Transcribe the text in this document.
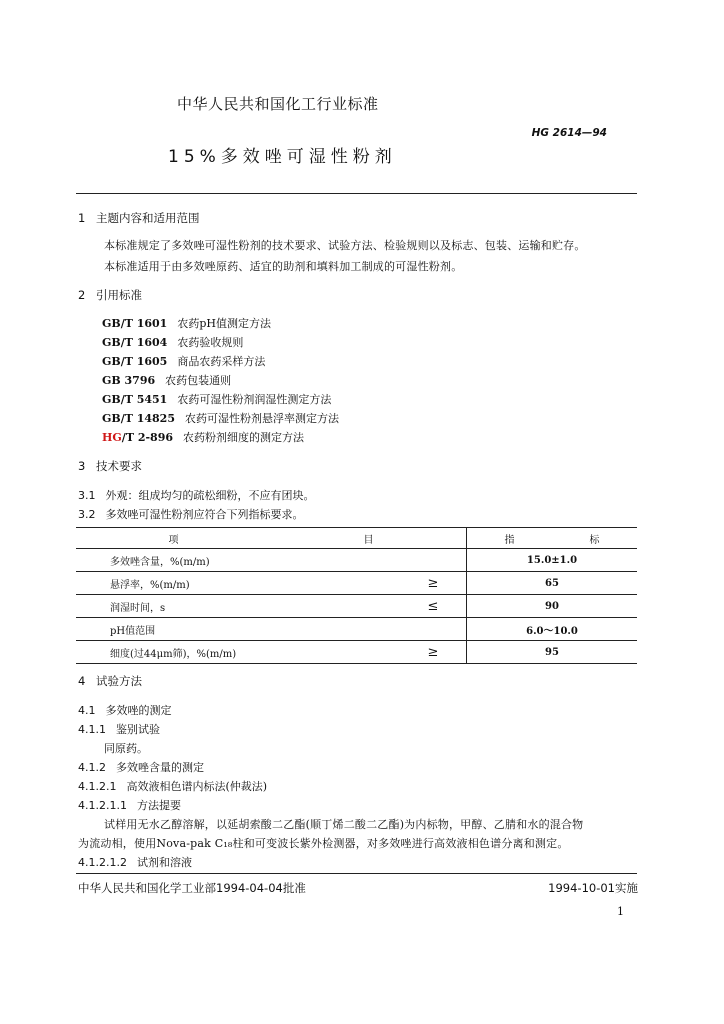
中华人民共和国化工行业标准
HG 2614—94
15%多效唑可湿性粉剂
1 主题内容和适用范围
本标准规定了多效唑可湿性粉剂的技术要求、试验方法、检验规则以及标志、包装、运输和贮存。
本标准适用于由多效唑原药、适宜的助剂和填料加工制成的可湿性粉剂。
2 引用标准
GB/T 1601 农药pH值测定方法
GB/T 1604 农药验收规则
GB/T 1605 商品农药采样方法
GB 3796 农药包装通则
GB/T 5451 农药可湿性粉剂润湿性测定方法
GB/T 14825 农药可湿性粉剂悬浮率测定方法
HG/T 2-896 农药粉剂细度的测定方法
3 技术要求
3.1 外观：组成均匀的疏松细粉，不应有团块。
3.2 多效唑可湿性粉剂应符合下列指标要求。
项 目		指 标

多效唑含量，%(m/m)		15.0±1.0
悬浮率，%(m/m)	≥	65
润湿时间，s	≤	90
pH值范围		6.0～10.0
细度(过44μm筛)，%(m/m)	≥	95
4 试验方法
4.1 多效唑的测定
4.1.1 鉴别试验
同原药。
4.1.2 多效唑含量的测定
4.1.2.1 高效液相色谱内标法(仲裁法)
4.1.2.1.1 方法提要
试样用无水乙醇溶解，以延胡索酸二乙酯(顺丁烯二酸二乙酯)为内标物，甲醇、乙腈和水的混合物
为流动相，使用Nova-pak C₁₈柱和可变波长紫外检测器，对多效唑进行高效液相色谱分离和测定。
4.1.2.1.2 试剂和溶液
中华人民共和国化学工业部1994-04-04批准	1994-10-01实施
1
